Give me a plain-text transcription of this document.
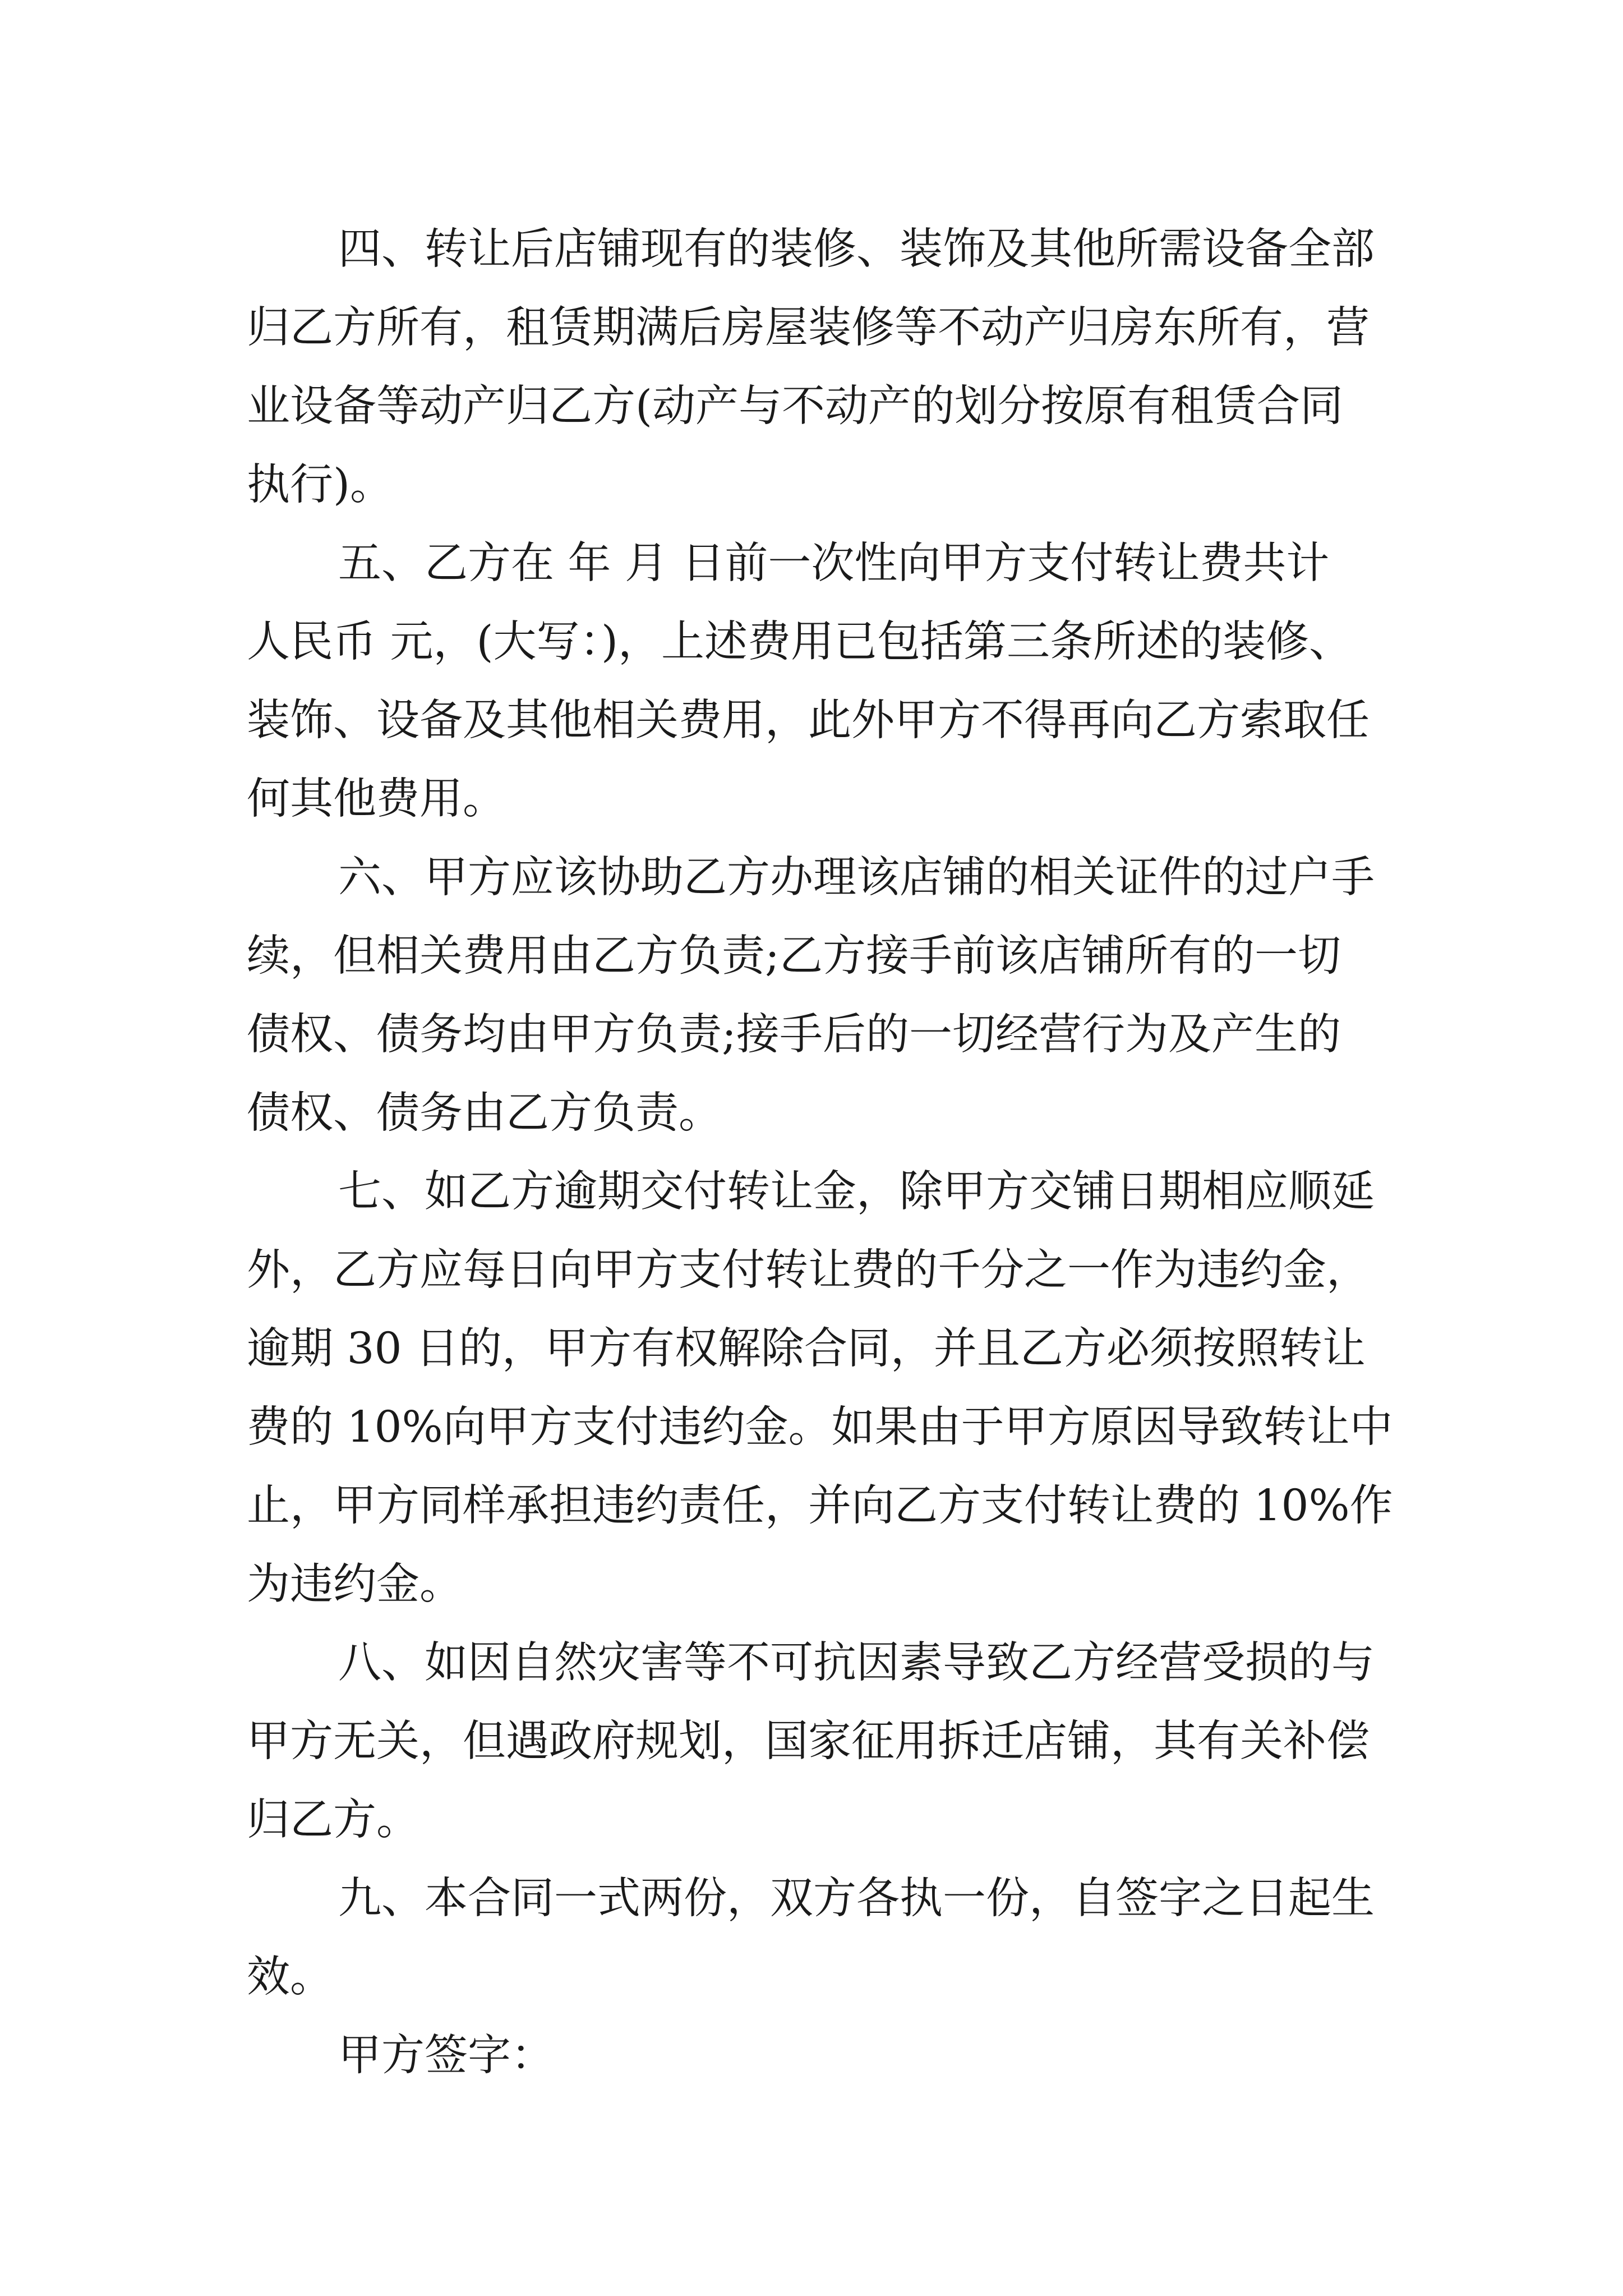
四、转让后店铺现有的装修、装饰及其他所需设备全部
归乙方所有，租赁期满后房屋装修等不动产归房东所有，营
业设备等动产归乙方(动产与不动产的划分按原有租赁合同
执行)。
五、乙方在 年 月 日前一次性向甲方支付转让费共计
人民币 元，(大写：)，上述费用已包括第三条所述的装修、
装饰、设备及其他相关费用，此外甲方不得再向乙方索取任
何其他费用。
六、甲方应该协助乙方办理该店铺的相关证件的过户手
续，但相关费用由乙方负责;乙方接手前该店铺所有的一切
债权、债务均由甲方负责;接手后的一切经营行为及产生的
债权、债务由乙方负责。
七、如乙方逾期交付转让金，除甲方交铺日期相应顺延
外，乙方应每日向甲方支付转让费的千分之一作为违约金，
逾期 30 日的，甲方有权解除合同，并且乙方必须按照转让
费的 10%向甲方支付违约金。如果由于甲方原因导致转让中
止，甲方同样承担违约责任，并向乙方支付转让费的 10%作
为违约金。
八、如因自然灾害等不可抗因素导致乙方经营受损的与
甲方无关，但遇政府规划，国家征用拆迁店铺，其有关补偿
归乙方。
九、本合同一式两份，双方各执一份，自签字之日起生
效。
甲方签字：
